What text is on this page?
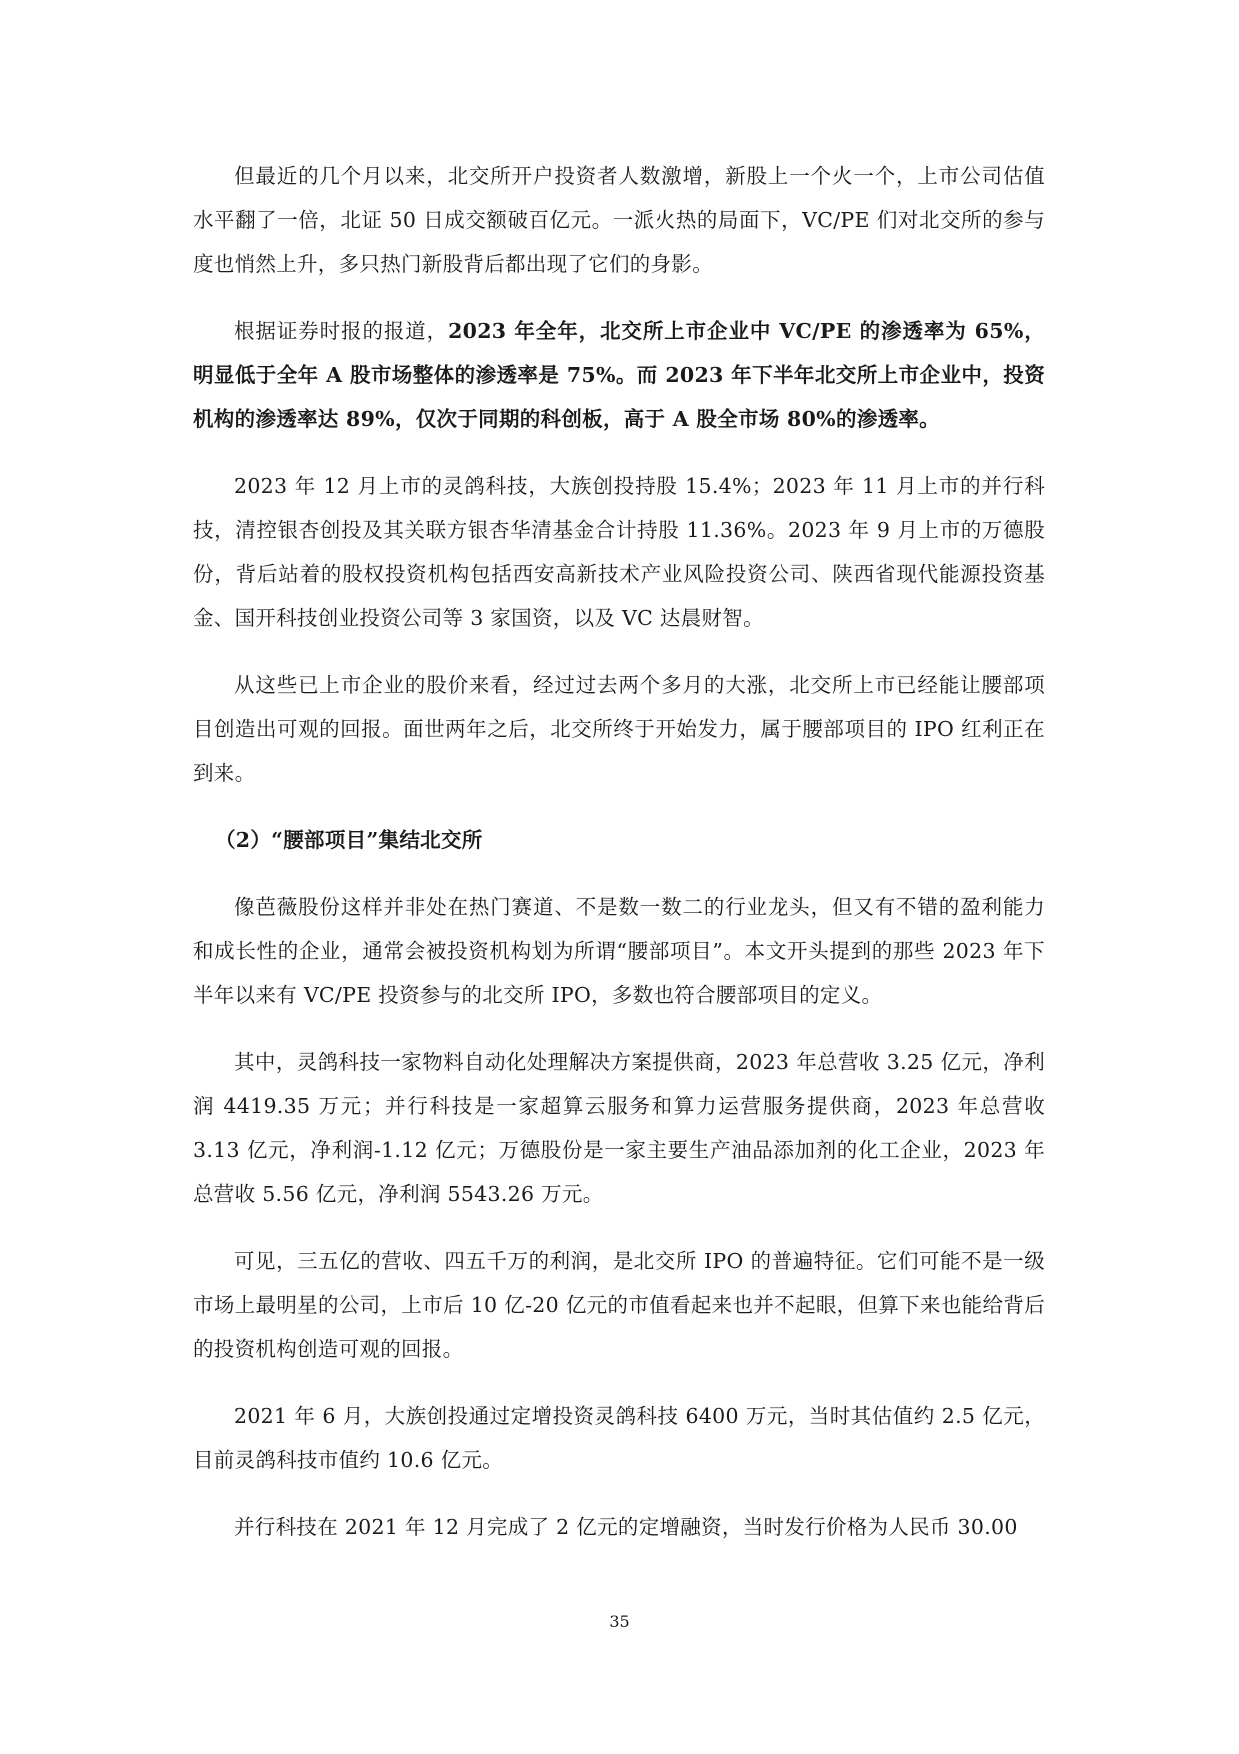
但最近的几个月以来，北交所开户投资者人数激增，新股上一个火一个，上市公司估值水平翻了一倍，北证 50 日成交额破百亿元。一派火热的局面下，VC/PE 们对北交所的参与度也悄然上升，多只热门新股背后都出现了它们的身影。

根据证券时报的报道，2023 年全年，北交所上市企业中 VC/PE 的渗透率为 65%，明显低于全年 A 股市场整体的渗透率是 75%。而 2023 年下半年北交所上市企业中，投资机构的渗透率达 89%，仅次于同期的科创板，高于 A 股全市场 80%的渗透率。

2023 年 12 月上市的灵鸽科技，大族创投持股 15.4%；2023 年 11 月上市的并行科技，清控银杏创投及其关联方银杏华清基金合计持股 11.36%。2023 年 9 月上市的万德股份，背后站着的股权投资机构包括西安高新技术产业风险投资公司、陕西省现代能源投资基金、国开科技创业投资公司等 3 家国资，以及 VC 达晨财智。

从这些已上市企业的股价来看，经过过去两个多月的大涨，北交所上市已经能让腰部项目创造出可观的回报。面世两年之后，北交所终于开始发力，属于腰部项目的 IPO 红利正在到来。

（2）“腰部项目”集结北交所

像芭薇股份这样并非处在热门赛道、不是数一数二的行业龙头，但又有不错的盈利能力和成长性的企业，通常会被投资机构划为所谓“腰部项目”。本文开头提到的那些 2023 年下半年以来有 VC/PE 投资参与的北交所 IPO，多数也符合腰部项目的定义。

其中，灵鸽科技一家物料自动化处理解决方案提供商，2023 年总营收 3.25 亿元，净利润 4419.35 万元；并行科技是一家超算云服务和算力运营服务提供商，2023 年总营收 3.13 亿元，净利润-1.12 亿元；万德股份是一家主要生产油品添加剂的化工企业，2023 年总营收 5.56 亿元，净利润 5543.26 万元。

可见，三五亿的营收、四五千万的利润，是北交所 IPO 的普遍特征。它们可能不是一级市场上最明星的公司，上市后 10 亿-20 亿元的市值看起来也并不起眼，但算下来也能给背后的投资机构创造可观的回报。

2021 年 6 月，大族创投通过定增投资灵鸽科技 6400 万元，当时其估值约 2.5 亿元，目前灵鸽科技市值约 10.6 亿元。

并行科技在 2021 年 12 月完成了 2 亿元的定增融资，当时发行价格为人民币 30.00

35
